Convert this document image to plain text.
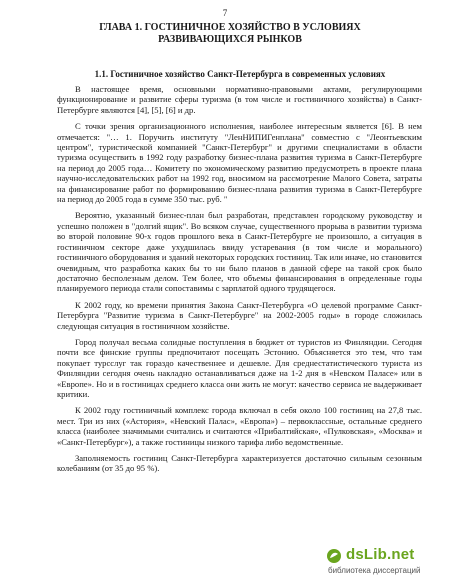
7
ГЛАВА 1. ГОСТИНИЧНОЕ ХОЗЯЙСТВО В УСЛОВИЯХ РАЗВИВАЮЩИХСЯ РЫНКОВ
1.1. Гостиничное хозяйство Санкт-Петербурга в современных условиях

В настоящее время, основными нормативно-правовыми актами, регулирующими функционирование и развитие сферы туризма (в том числе и гостиничного хозяйства) в Санкт-Петербурге являются [4], [5], [6] и др.

С точки зрения организационного исполнения, наиболее интересным является [6]. В нем отмечается: "… 1. Поручить институту "ЛенНИПИГенплана" совместно с "Леонтьевским центром", туристической компанией "Санкт-Петербург" и другими специалистами в области туризма осуществить в 1992 году разработку бизнес-плана развития туризма в Санкт-Петербурге на период до 2005 года… Комитету по экономическому развитию предусмотреть в проекте плана научно-исследовательских работ на 1992 год, вносимом на рассмотрение Малого Совета, затраты на финансирование работ по формированию бизнес-плана развития туризма в Санкт-Петербурге на период до 2005 года в сумме 350 тыс. руб. "

Вероятно, указанный бизнес-план был разработан, представлен городскому руководству и успешно положен в "долгий ящик". Во всяком случае, существенного прорыва в развитии туризма во второй половине 90-х годов прошлого века в Санкт-Петербурге не произошло, а ситуация в гостиничном секторе даже ухудшилась ввиду устаревания (в том числе и морального) гостиничного оборудования и зданий некоторых городских гостиниц. Так или иначе, но становится очевидным, что разработка каких бы то ни было планов в данной сфере на такой срок было достаточно бесполезным делом. Тем более, что объемы финансирования в определенные годы планируемого периода стали сопоставимы с зарплатой одного трудящегося.

К 2002 году, ко времени принятия Закона Санкт-Петербурга «О целевой программе Санкт-Петербурга "Развитие туризма в Санкт-Петербурге" на 2002-2005 годы» в городе сложилась следующая ситуация в гостиничном хозяйстве.

Город получал весьма солидные поступления в бюджет от туристов из Финляндии. Сегодня почти все финские группы предпочитают посещать Эстонию. Объясняется это тем, что там покупает турсслуг так гораздо качественнее и дешевле. Для среднестатистического туриста из Финляндии сегодня очень накладно останавливаться даже на 1-2 дня в «Невском Паласе» или в «Европе». Но и в гостиницах среднего класса они жить не могут: качество сервиса не выдерживает критики.

К 2002 году гостиничный комплекс города включал в себя около 100 гостиниц на 27,8 тыс. мест. Три из них («Астория», «Невский Палас», «Европа») – первоклассные, остальные среднего класса (наиболее значимыми считались и считаются «Прибалтийская», «Пулковская», «Москва» и «Санкт-Петербург»), а также гостиницы низкого тарифа либо ведомственные.

Заполняемость гостиниц Санкт-Петербурга характеризуется достаточно сильным сезонным колебаниям (от 35 до 95 %).

dsLib.net
библиотека диссертаций
